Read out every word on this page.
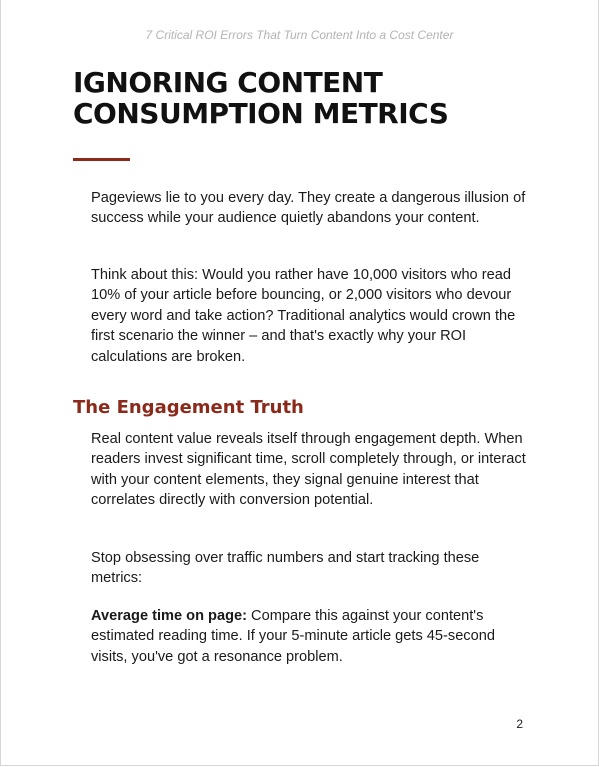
7 Critical ROI Errors That Turn Content Into a Cost Center
IGNORING CONTENT
CONSUMPTION METRICS

Pageviews lie to you every day. They create a dangerous illusion of success while your audience quietly abandons your content.

Think about this: Would you rather have 10,000 visitors who read 10% of your article before bouncing, or 2,000 visitors who devour every word and take action? Traditional analytics would crown the first scenario the winner – and that's exactly why your ROI calculations are broken.

The Engagement Truth

Real content value reveals itself through engagement depth. When readers invest significant time, scroll completely through, or interact with your content elements, they signal genuine interest that correlates directly with conversion potential.

Stop obsessing over traffic numbers and start tracking these metrics:

Average time on page: Compare this against your content's estimated reading time. If your 5-minute article gets 45-second visits, you've got a resonance problem.

2
